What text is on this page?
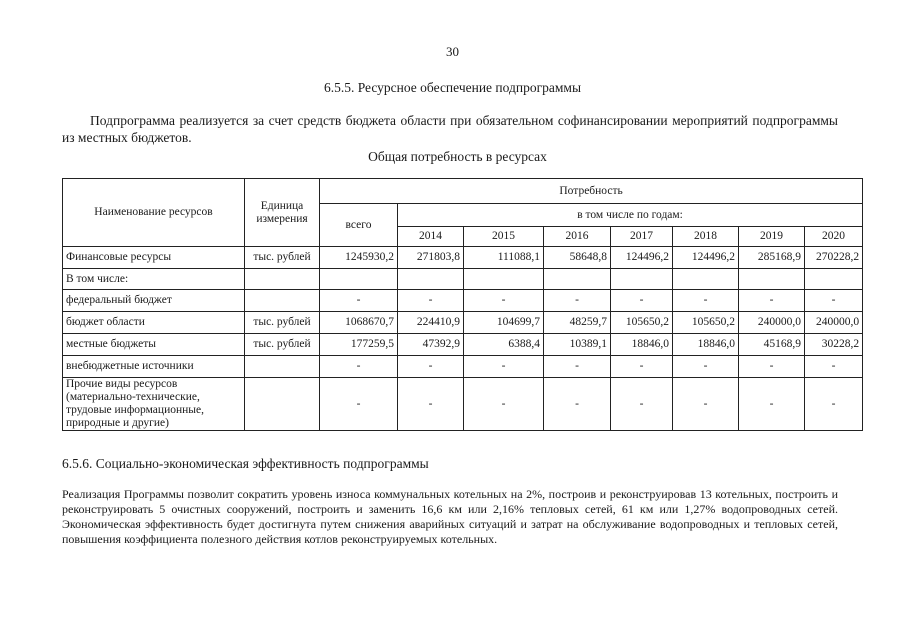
30
6.5.5. Ресурсное обеспечение подпрограммы
Подпрограмма реализуется за счет средств бюджета области при обязательном софинансировании мероприятий подпрограммы из местных бюджетов.
Общая потребность в ресурсах
Наименование ресурсов	Единица измерения	Потребность							
		всего	в том числе по годам:						
			2014	2015	2016	2017	2018	2019	2020
Финансовые ресурсы	тыс. рублей	1245930,2	271803,8	111088,1	58648,8	124496,2	124496,2	285168,9	270228,2
В том числе:									
федеральный бюджет		-	-	-	-	-	-	-	-
бюджет области	тыс. рублей	1068670,7	224410,9	104699,7	48259,7	105650,2	105650,2	240000,0	240000,0
местные бюджеты	тыс. рублей	177259,5	47392,9	6388,4	10389,1	18846,0	18846,0	45168,9	30228,2
внебюджетные источники		-	-	-	-	-	-	-	-
Прочие виды ресурсов (материально-технические, трудовые информационные, природные и другие)		-	-	-	-	-	-	-	-
6.5.6. Социально-экономическая эффективность подпрограммы
Реализация Программы позволит сократить уровень износа коммунальных котельных на 2%, построив и реконструировав 13 котельных, построить и реконструировать 5 очистных сооружений, построить и заменить 16,6 км или 2,16% тепловых сетей, 61 км или 1,27% водопроводных сетей. Экономическая эффективность будет достигнута путем снижения аварийных ситуаций и затрат на обслуживание водопроводных и тепловых сетей, повышения коэффициента полезного действия котлов реконструируемых котельных.
